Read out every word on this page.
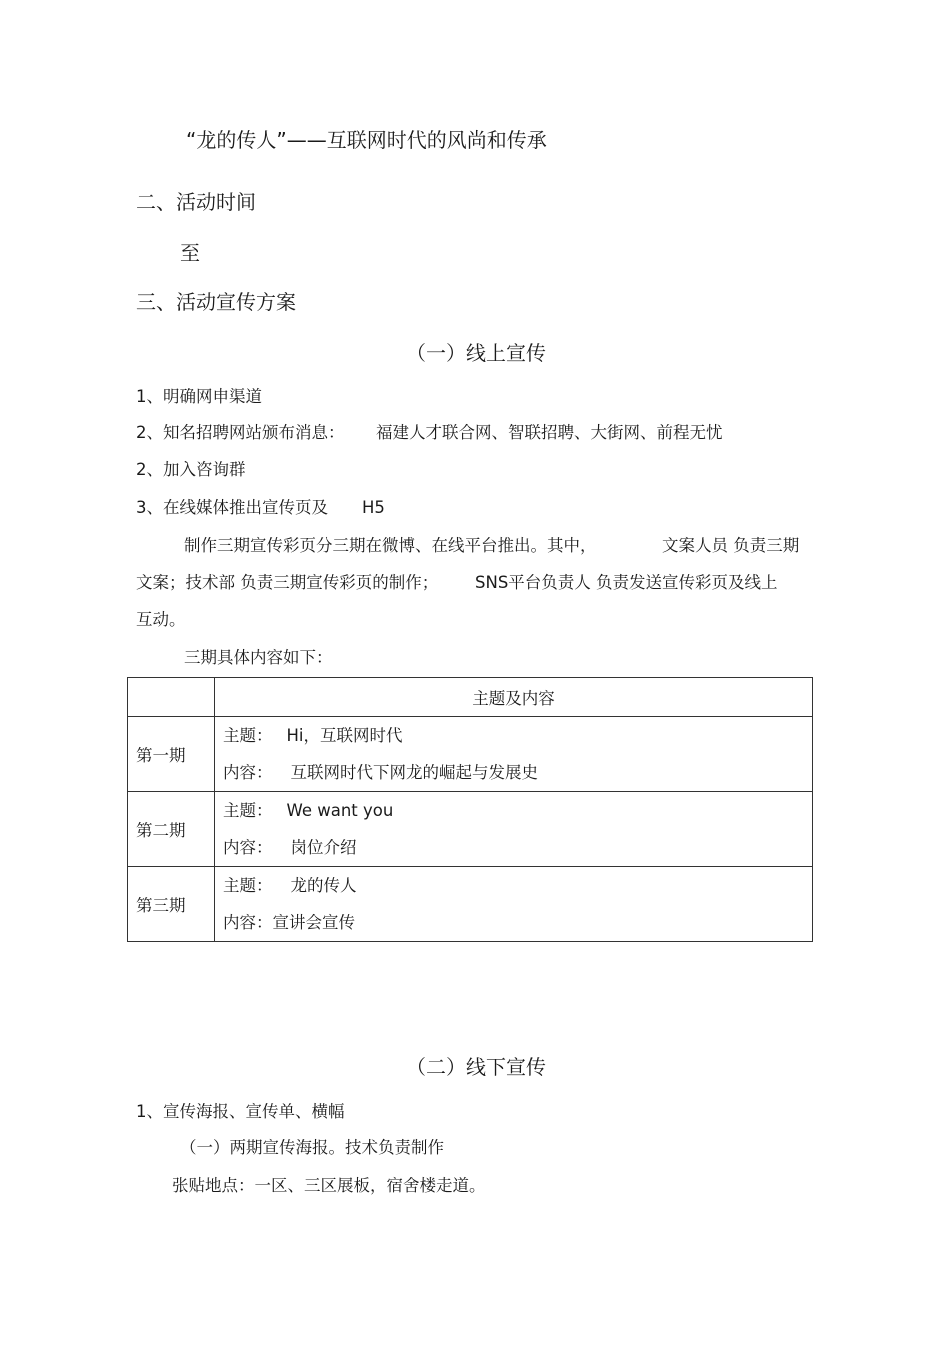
“龙的传人”——互联网时代的风尚和传承
二、活动时间
至
三、活动宣传方案
（一）线上宣传
1、明确网申渠道
2、知名招聘网站颁布消息： 福建人才联合网、智联招聘、大街网、前程无忧
2、加入咨询群
3、在线媒体推出宣传页及 H5
制作三期宣传彩页分三期在微博、在线平台推出。其中，	文案人员 负责三期
文案；技术部 负责三期宣传彩页的制作； SNS平台负责人 负责发送宣传彩页及线上
互动。
三期具体内容如下：
	主题及内容
第一期	主题： Hi，互联网时代
内容： 互联网时代下网龙的崛起与发展史

第二期	主题： We want you
内容： 岗位介绍

第三期	主题： 龙的传人
内容：宣讲会宣传
（二）线下宣传
1、宣传海报、宣传单、横幅
（一）两期宣传海报。技术负责制作
张贴地点：一区、三区展板，宿舍楼走道。
